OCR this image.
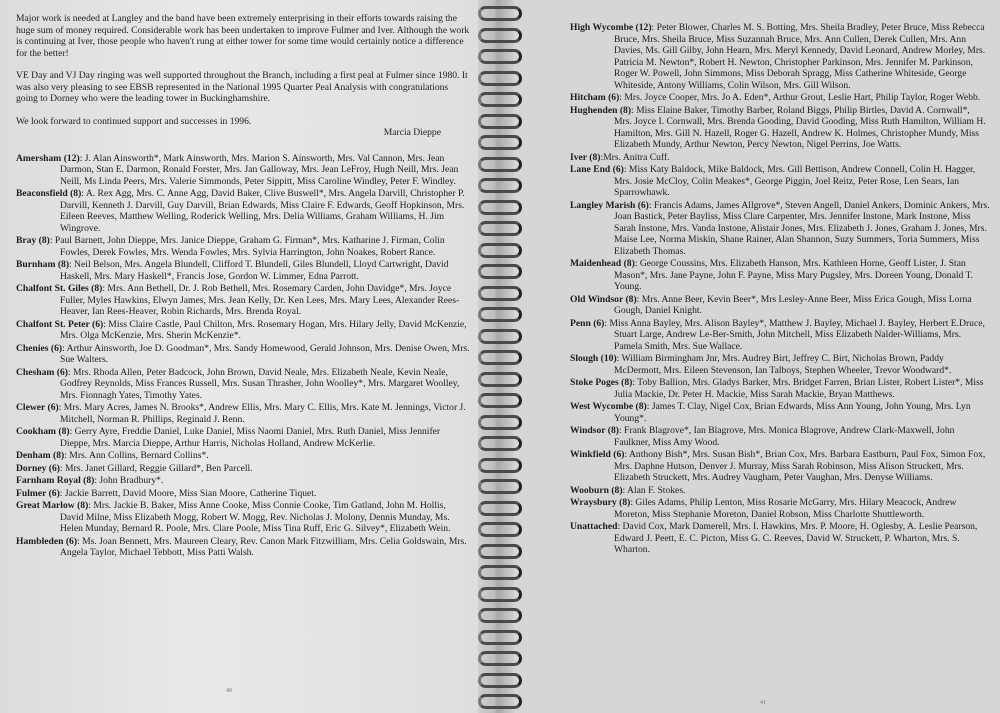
Major work is needed at Langley and the band have been extremely enterprising in their efforts towards raising the huge sum of money required. Considerable work has been undertaken to improve Fulmer and Iver. Although the work is continuing at Iver, those people who haven't rung at either tower for some time would certainly notice a difference for the better!

VE Day and VJ Day ringing was well supported throughout the Branch, including a first peal at Fulmer since 1980. It was also very pleasing to see EBSB represented in the National 1995 Quarter Peal Analysis with congratulations going to Dorney who were the leading tower in Buckinghamshire.

We look forward to continued support and successes in 1996.

Marcia Dieppe
Amersham (12): J. Alan Ainsworth*, Mark Ainsworth, Mrs. Marion S. Ainsworth, Mrs. Val Cannon, Mrs. Jean Darmon, Stan E. Darmon, Ronald Forster, Mrs. Jan Galloway, Mrs. Jean LeFroy, Hugh Neill, Mrs. Jean Neill, Ms Linda Peers, Mrs. Valerie Simmonds, Peter Sippitt, Miss Caroline Windley, Peter F. Windley.
Beaconsfield (8): A. Rex Agg, Mrs. C. Anne Agg, David Baker, Clive Buswell*, Mrs. Angela Darvill, Christopher P. Darvill, Kenneth J. Darvill, Guy Darvill, Brian Edwards, Miss Claire F. Edwards, Geoff Hopkinson, Mrs. Eileen Reeves, Matthew Welling, Roderick Welling, Mrs. Delia Williams, Graham Williams, H. Jim Wingrove.
Bray (8): Paul Barnett, John Dieppe, Mrs. Janice Dieppe, Graham G. Firman*, Mrs. Katharine J. Firman, Colin Fowles, Derek Fowles, Mrs. Wenda Fowles, Mrs. Sylvia Harrington, John Noakes, Robert Rance.
Burnham (8): Neil Belson, Mrs. Angela Blundell, Clifford T. Blundell, Giles Blundell, Lloyd Cartwright, David Haskell, Mrs. Mary Haskell*, Francis Jose, Gordon W. Limmer, Edna Parrott.
Chalfont St. Giles (8): Mrs. Ann Bethell, Dr. J. Rob Bethell, Mrs. Rosemary Carden, John Davidge*, Mrs. Joyce Fuller, Myles Hawkins, Elwyn James, Mrs. Jean Kelly, Dr. Ken Lees, Mrs. Mary Lees, Alexander Rees-Heaver, Ian Rees-Heaver, Robin Richards, Mrs. Brenda Royal.
Chalfont St. Peter (6): Miss Claire Castle, Paul Chilton, Mrs. Rosemary Hogan, Mrs. Hilary Jelly, David McKenzie, Mrs. Olga McKenzie, Mrs. Sherin McKenzie*.
Chenies (6): Arthur Ainsworth, Joe D. Goodman*, Mrs. Sandy Homewood, Gerald Johnson, Mrs. Denise Owen, Mrs. Sue Walters.
Chesham (6): Mrs. Rhoda Allen, Peter Badcock, John Brown, David Neale, Mrs. Elizabeth Neale, Kevin Neale, Godfrey Reynolds, Miss Frances Russell, Mrs. Susan Thrasher, John Woolley*, Mrs. Margaret Woolley, Mrs. Fionnagh Yates, Timothy Yates.
Clewer (6): Mrs. Mary Acres, James N. Brooks*, Andrew Ellis, Mrs. Mary C. Ellis, Mrs. Kate M. Jennings, Victor J. Mitchell, Norman R. Phillips, Reginald J. Renn.
Cookham (8): Gerry Ayre, Freddie Daniel, Luke Daniel, Miss Naomi Daniel, Mrs. Ruth Daniel, Miss Jennifer Dieppe, Mrs. Marcia Dieppe, Arthur Harris, Nicholas Holland, Andrew McKerlie.
Denham (8): Mrs. Ann Collins, Bernard Collins*.
Dorney (6): Mrs. Janet Gillard, Reggie Gillard*, Ben Parcell.
Farnham Royal (8): John Bradbury*.
Fulmer (6): Jackie Barrett, David Moore, Miss Sian Moore, Catherine Tiquet.
Great Marlow (8): Mrs. Jackie B. Baker, Miss Anne Cooke, Miss Connie Cooke, Tim Gatland, John M. Hollis, David Milne, Miss Elizabeth Mogg, Robert W. Mogg, Rev. Nicholas J. Molony, Dennis Munday, Ms. Helen Munday, Bernard R. Poole, Mrs. Clare Poole, Miss Tina Ruff, Eric G. Silvey*, Elizabeth Wein.
Hambleden (6): Ms. Joan Bennett, Mrs. Maureen Cleary, Rev. Canon Mark Fitzwilliam, Mrs. Celia Goldswain, Mrs. Angela Taylor, Michael Tebbott, Miss Patti Walsh.
40
High Wycombe (12): Peter Blower, Charles M. S. Botting, Mrs. Sheila Bradley, Peter Bruce, Miss Rebecca Bruce, Mrs. Sheila Bruce, Miss Suzannah Bruce, Mrs. Ann Cullen, Derek Cullen, Mrs. Ann Davies, Ms. Gill Gilby, John Hearn, Mrs. Meryl Kennedy, David Leonard, Andrew Morley, Mrs. Patricia M. Newton*, Robert H. Newton, Christopher Parkinson, Mrs. Jennifer M. Parkinson, Roger W. Powell, John Simmons, Miss Deborah Spragg, Miss Catherine Whiteside, George Whiteside, Antony Williams, Colin Wilson, Mrs. Gill Wilson.
Hitcham (6): Mrs. Joyce Cooper, Mrs. Jo A. Eden*, Arthur Grout, Leslie Hart, Philip Taylor, Roger Webb.
Hughenden (8): Miss Elaine Baker, Timothy Barber, Roland Biggs, Philip Birtles, David A. Cornwall*, Mrs. Joyce I. Cornwall, Mrs. Brenda Gooding, David Gooding, Miss Ruth Hamilton, William H. Hamilton, Mrs. Gill N. Hazell, Roger G. Hazell, Andrew K. Holmes, Christopher Mundy, Miss Elizabeth Mundy, Arthur Newton, Percy Newton, Nigel Perrins, Joe Watts.
Iver (8):Mrs. Anitra Cuff.
Lane End (6): Miss Katy Baldock, Mike Baldock, Mrs. Gill Bettison, Andrew Connell, Colin H. Hagger, Mrs. Josie McCloy, Colin Meakes*, George Piggin, Joel Reitz, Peter Rose, Len Sears, Ian Sparrowhawk.
Langley Marish (6): Francis Adams, James Allgrove*, Steven Angell, Daniel Ankers, Dominic Ankers, Mrs. Joan Bastick, Peter Bayliss, Miss Clare Carpenter, Mrs. Jennifer Instone, Mark Instone, Miss Sarah Instone, Mrs. Vanda Instone, Alistair Jones, Mrs. Elizabeth J. Jones, Graham J. Jones, Mrs. Maise Lee, Norma Miskin, Shane Rainer, Alan Shannon, Suzy Summers, Toria Summers, Miss Elizabeth Thomas.
Maidenhead (8): George Coussins, Mrs. Elizabeth Hanson, Mrs. Kathleen Horne, Geoff Lister, J. Stan Mason*, Mrs. Jane Payne, John F. Payne, Miss Mary Pugsley, Mrs. Doreen Young, Donald T. Young.
Old Windsor (8): Mrs. Anne Beer, Kevin Beer*, Mrs Lesley-Anne Beer, Miss Erica Gough, Miss Lorna Gough, Daniel Knight.
Penn (6): Miss Anna Bayley, Mrs. Alison Bayley*, Matthew J. Bayley, Michael J. Bayley, Herbert E.Druce, Stuart Large, Andrew Le-Ber-Smith, John Mitchell, Miss Elizabeth Nalder-Williams, Mrs. Pamela Smith, Mrs. Sue Wallace.
Slough (10): William Birmingham Jnr, Mrs. Audrey Birt, Jeffrey C. Birt, Nicholas Brown, Paddy McDermott, Mrs. Eileen Stevenson, Ian Talboys, Stephen Wheeler, Trevor Woodward*.
Stoke Poges (8): Toby Ballion, Mrs. Gladys Barker, Mrs. Bridget Farren, Brian Lister, Robert Lister*, Miss Julia Mackie, Dr. Peter H. Mackie, Miss Sarah Mackie, Bryan Matthews.
West Wycombe (8): James T. Clay, Nigel Cox, Brian Edwards, Miss Ann Young, John Young, Mrs. Lyn Young*.
Windsor (8): Frank Blagrove*, Ian Blagrove, Mrs. Monica Blagrove, Andrew Clark-Maxwell, John Faulkner, Miss Amy Wood.
Winkfield (6): Anthony Bish*, Mrs. Susan Bish*, Brian Cox, Mrs. Barbara Eastburn, Paul Fox, Simon Fox, Mrs. Daphne Hutson, Denver J. Murray, Miss Sarah Robinson, Miss Alison Struckett, Mrs. Elizabeth Struckett, Mrs. Audrey Vaugham, Peter Vaughan, Mrs. Denyse Williams.
Wooburn (8): Alan F. Stokes.
Wraysbury (8): Giles Adams, Philip Lenton, Miss Rosarie McGarry, Mrs. Hilary Meacock, Andrew Moreton, Miss Stephanie Moreton, Daniel Robson, Miss Charlotte Shuttleworth.
Unattached: David Cox, Mark Damerell, Mrs. I. Hawkins, Mrs. P. Moore, H. Oglesby, A. Leslie Pearson, Edward J. Peett, E. C. Picton, Miss G. C. Reeves, David W. Struckett, P. Wharton, Mrs. S. Wharton.
41
